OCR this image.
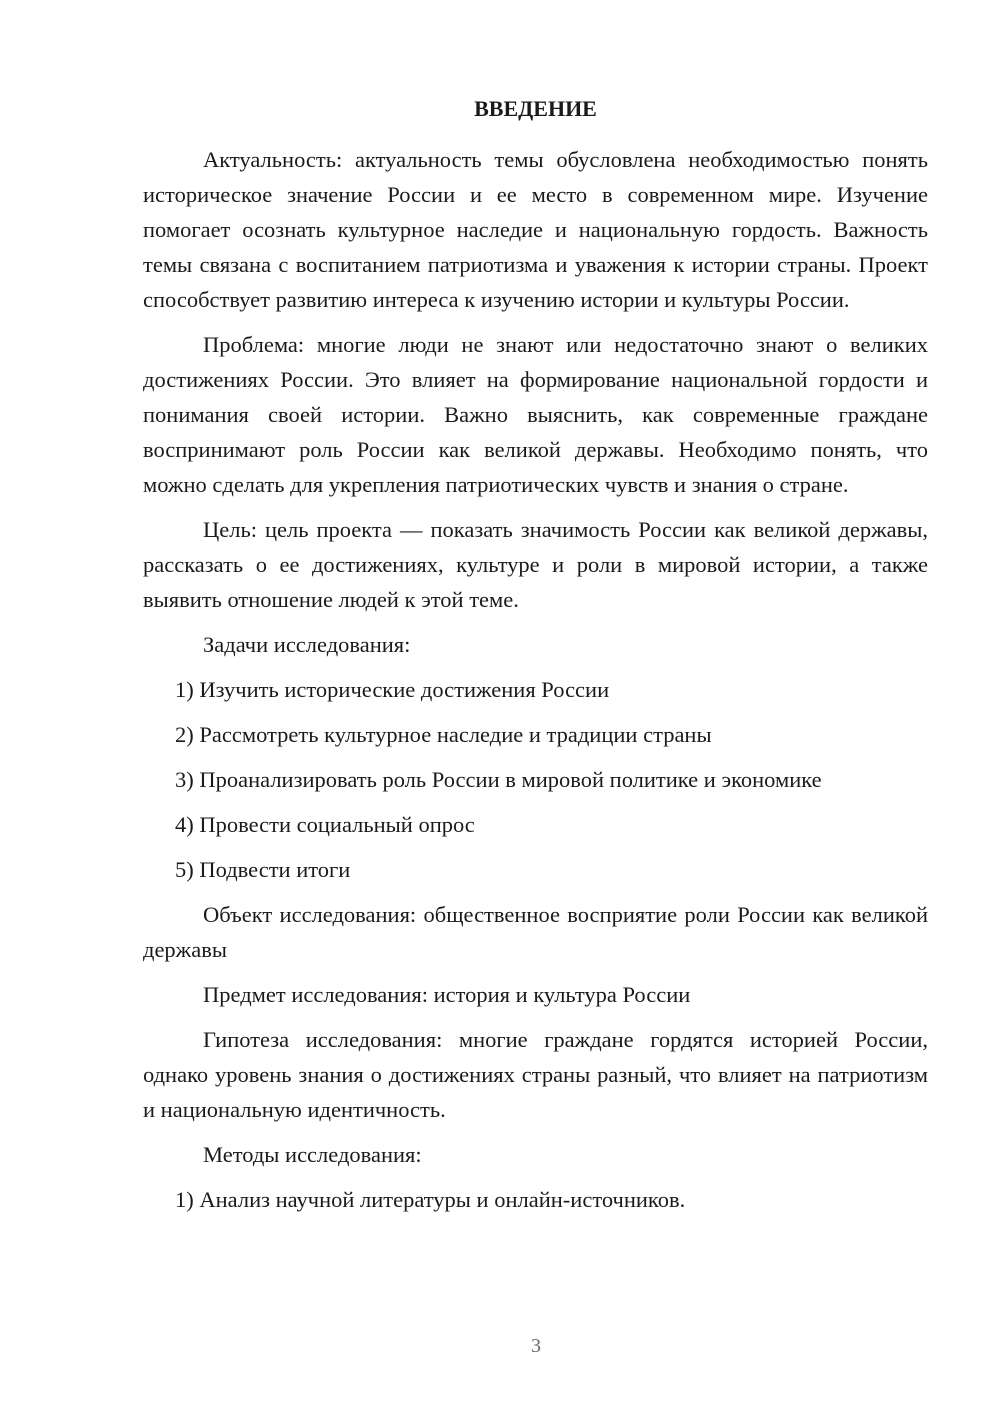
ВВЕДЕНИЕ

Актуальность: актуальность темы обусловлена необходимостью понять историческое значение России и ее место в современном мире. Изучение помогает осознать культурное наследие и национальную гордость. Важность темы связана с воспитанием патриотизма и уважения к истории страны. Проект способствует развитию интереса к изучению истории и культуры России.

Проблема: многие люди не знают или недостаточно знают о великих достижениях России. Это влияет на формирование национальной гордости и понимания своей истории. Важно выяснить, как современные граждане воспринимают роль России как великой державы. Необходимо понять, что можно сделать для укрепления патриотических чувств и знания о стране.

Цель: цель проекта — показать значимость России как великой державы, рассказать о ее достижениях, культуре и роли в мировой истории, а также выявить отношение людей к этой теме.

Задачи исследования:

1) Изучить исторические достижения России
2) Рассмотреть культурное наследие и традиции страны
3) Проанализировать роль России в мировой политике и экономике
4) Провести социальный опрос
5) Подвести итоги

Объект исследования: общественное восприятие роли России как великой державы

Предмет исследования: история и культура России

Гипотеза исследования: многие граждане гордятся историей России, однако уровень знания о достижениях страны разный, что влияет на патриотизм и национальную идентичность.

Методы исследования:

1) Анализ научной литературы и онлайн-источников.
3
